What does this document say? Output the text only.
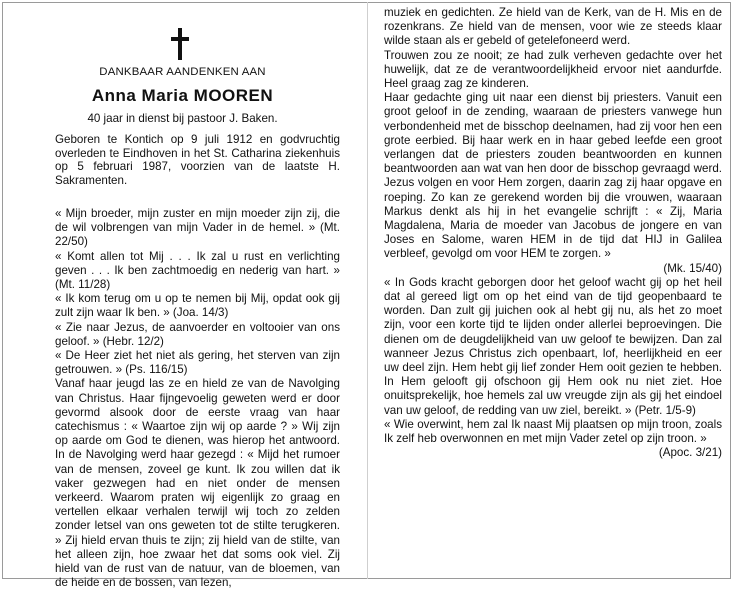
DANKBAAR AANDENKEN AAN
Anna Maria MOOREN
40 jaar in dienst bij pastoor J. Baken.
Geboren te Kontich op 9 juli 1912 en godvruchtig overleden te Eindhoven in het St. Catharina ziekenhuis op 5 februari 1987, voorzien van de laatste H. Sakramenten.

« Mijn broeder, mijn zuster en mijn moeder zijn zij, die de wil volbrengen van mijn Vader in de hemel. » (Mt. 22/50)

« Komt allen tot Mij . . . Ik zal u rust en verlichting geven . . . Ik ben zachtmoedig en nederig van hart. » (Mt. 11/28)

« Ik kom terug om u op te nemen bij Mij, opdat ook gij zult zijn waar Ik ben. » (Joa. 14/3)

« Zie naar Jezus, de aanvoerder en voltooier van ons geloof. » (Hebr. 12/2)

« De Heer ziet het niet als gering, het sterven van zijn getrouwen. » (Ps. 116/15)

Vanaf haar jeugd las ze en hield ze van de Navolging van Christus. Haar fijngevoelig geweten werd er door gevormd alsook door de eerste vraag van haar catechismus : « Waartoe zijn wij op aarde ? » Wij zijn op aarde om God te dienen, was hierop het antwoord. In de Navolging werd haar gezegd : « Mijd het rumoer van de mensen, zoveel ge kunt. Ik zou willen dat ik vaker gezwegen had en niet onder de mensen verkeerd. Waarom praten wij eigenlijk zo graag en vertellen elkaar verhalen terwijl wij toch zo zelden zonder letsel van ons geweten tot de stilte terugkeren. » Zij hield ervan thuis te zijn; zij hield van de stilte, van het alleen zijn, hoe zwaar het dat soms ook viel. Zij hield van de rust van de natuur, van de bloemen, van de heide en de bossen, van lezen,

muziek en gedichten. Ze hield van de Kerk, van de H. Mis en de rozenkrans. Ze hield van de mensen, voor wie ze steeds klaar wilde staan als er gebeld of getelefoneerd werd.

Trouwen zou ze nooit; ze had zulk verheven gedachte over het huwelijk, dat ze de verantwoordelijkheid ervoor niet aandurfde. Heel graag zag ze kinderen.

Haar gedachte ging uit naar een dienst bij priesters. Vanuit een groot geloof in de zending, waaraan de priesters vanwege hun verbondenheid met de bisschop deelnamen, had zij voor hen een grote eerbied. Bij haar werk en in haar gebed leefde een groot verlangen dat de priesters zouden beantwoorden en kunnen beantwoorden aan wat van hen door de bisschop gevraagd werd. Jezus volgen en voor Hem zorgen, daarin zag zij haar opgave en roeping. Zo kan ze gerekend worden bij die vrouwen, waaraan Markus denkt als hij in het evangelie schrijft : « Zij, Maria Magdalena, Maria de moeder van Jacobus de jongere en van Joses en Salome, waren HEM in de tijd dat HIJ in Galilea verbleef, gevolgd om voor HEM te zorgen. »

(Mk. 15/40)

« In Gods kracht geborgen door het geloof wacht gij op het heil dat al gereed ligt om op het eind van de tijd geopenbaard te worden. Dan zult gij juichen ook al hebt gij nu, als het zo moet zijn, voor een korte tijd te lijden onder allerlei beproevingen. Die dienen om de deugdelijkheid van uw geloof te bewijzen. Dan zal wanneer Jezus Christus zich openbaart, lof, heerlijkheid en eer uw deel zijn. Hem hebt gij lief zonder Hem ooit gezien te hebben. In Hem gelooft gij ofschoon gij Hem ook nu niet ziet. Hoe onuitsprekelijk, hoe hemels zal uw vreugde zijn als gij het eindoel van uw geloof, de redding van uw ziel, bereikt. » (Petr. 1/5-9)

« Wie overwint, hem zal Ik naast Mij plaatsen op mijn troon, zoals Ik zelf heb overwonnen en met mijn Vader zetel op zijn troon. »

(Apoc. 3/21)
